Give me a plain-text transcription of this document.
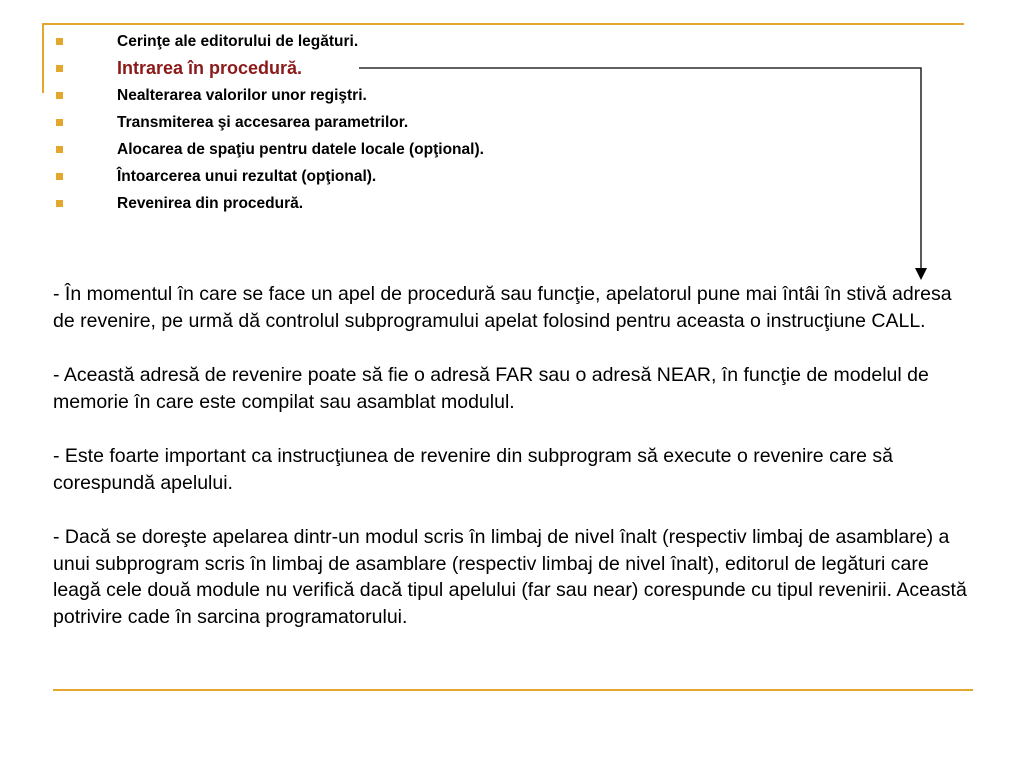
Cerinţe ale editorului de legături.
Intrarea în procedură.
Nealterarea valorilor unor regiştri.
Transmiterea şi accesarea parametrilor.
Alocarea de spaţiu pentru datele locale (opţional).
Întoarcerea unui rezultat (opţional).
Revenirea din procedură.

- În momentul în care se face un apel de procedură sau funcţie, apelatorul pune mai întâi în stivă adresa de revenire, pe urmă dă controlul subprogramului apelat folosind pentru aceasta o instrucţiune CALL.

- Această adresă de revenire poate să fie o adresă FAR sau o adresă NEAR, în funcţie de modelul de memorie în care este compilat sau asamblat modulul.

- Este foarte important ca instrucţiunea de revenire din subprogram să execute o revenire care să corespundă apelului.

- Dacă se doreşte apelarea dintr-un modul scris în limbaj de nivel înalt (respectiv limbaj de asamblare) a unui subprogram scris în limbaj de asamblare (respectiv limbaj de nivel înalt), editorul de legături care leagă cele două module nu verifică dacă tipul apelului (far sau near) corespunde cu tipul revenirii. Această potrivire cade în sarcina programatorului.
